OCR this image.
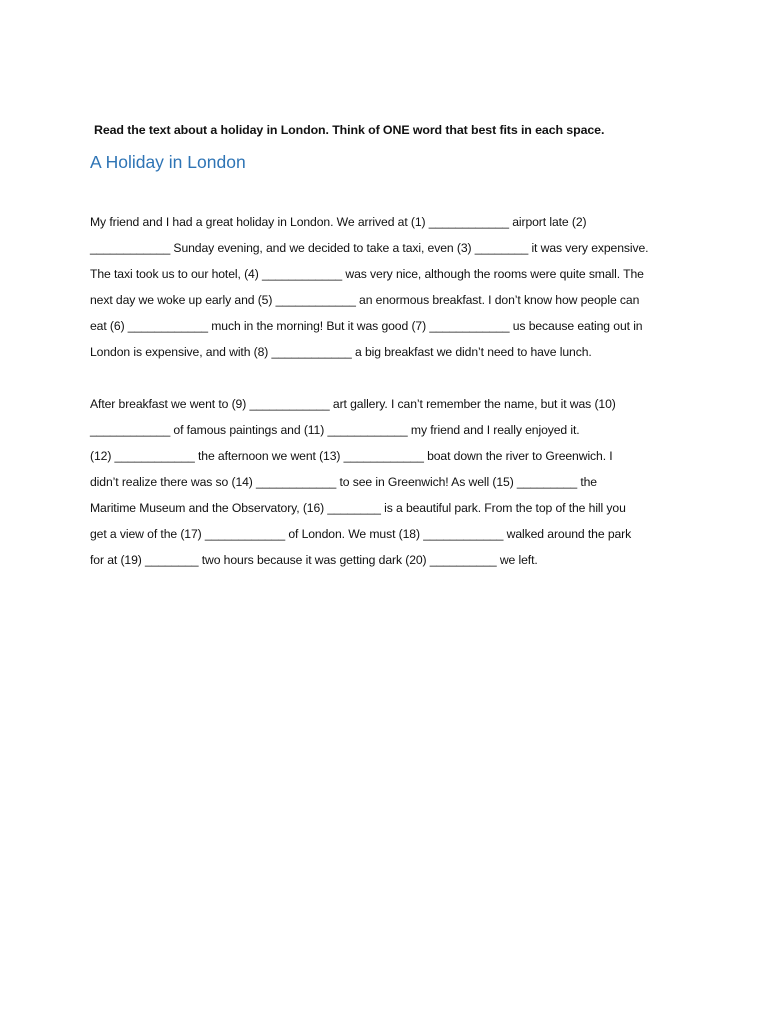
Read the text about a holiday in London. Think of ONE word that best fits in each space.
A Holiday in London

My friend and I had a great holiday in London. We arrived at (1) ____________ airport late (2)
____________ Sunday evening, and we decided to take a taxi, even (3) ________ it was very expensive.
The taxi took us to our hotel, (4) ____________ was very nice, although the rooms were quite small. The
next day we woke up early and (5) ____________ an enormous breakfast. I don’t know how people can
eat (6) ____________ much in the morning! But it was good (7) ____________ us because eating out in
London is expensive, and with (8) ____________ a big breakfast we didn’t need to have lunch.

After breakfast we went to (9) ____________ art gallery. I can’t remember the name, but it was (10)
____________ of famous paintings and (11) ____________ my friend and I really enjoyed it.
(12) ____________ the afternoon we went (13) ____________ boat down the river to Greenwich. I
didn’t realize there was so (14) ____________ to see in Greenwich! As well (15) _________ the
Maritime Museum and the Observatory, (16) ________ is a beautiful park. From the top of the hill you
get a view of the (17) ____________ of London. We must (18) ____________ walked around the park
for at (19) ________ two hours because it was getting dark (20) __________ we left.
